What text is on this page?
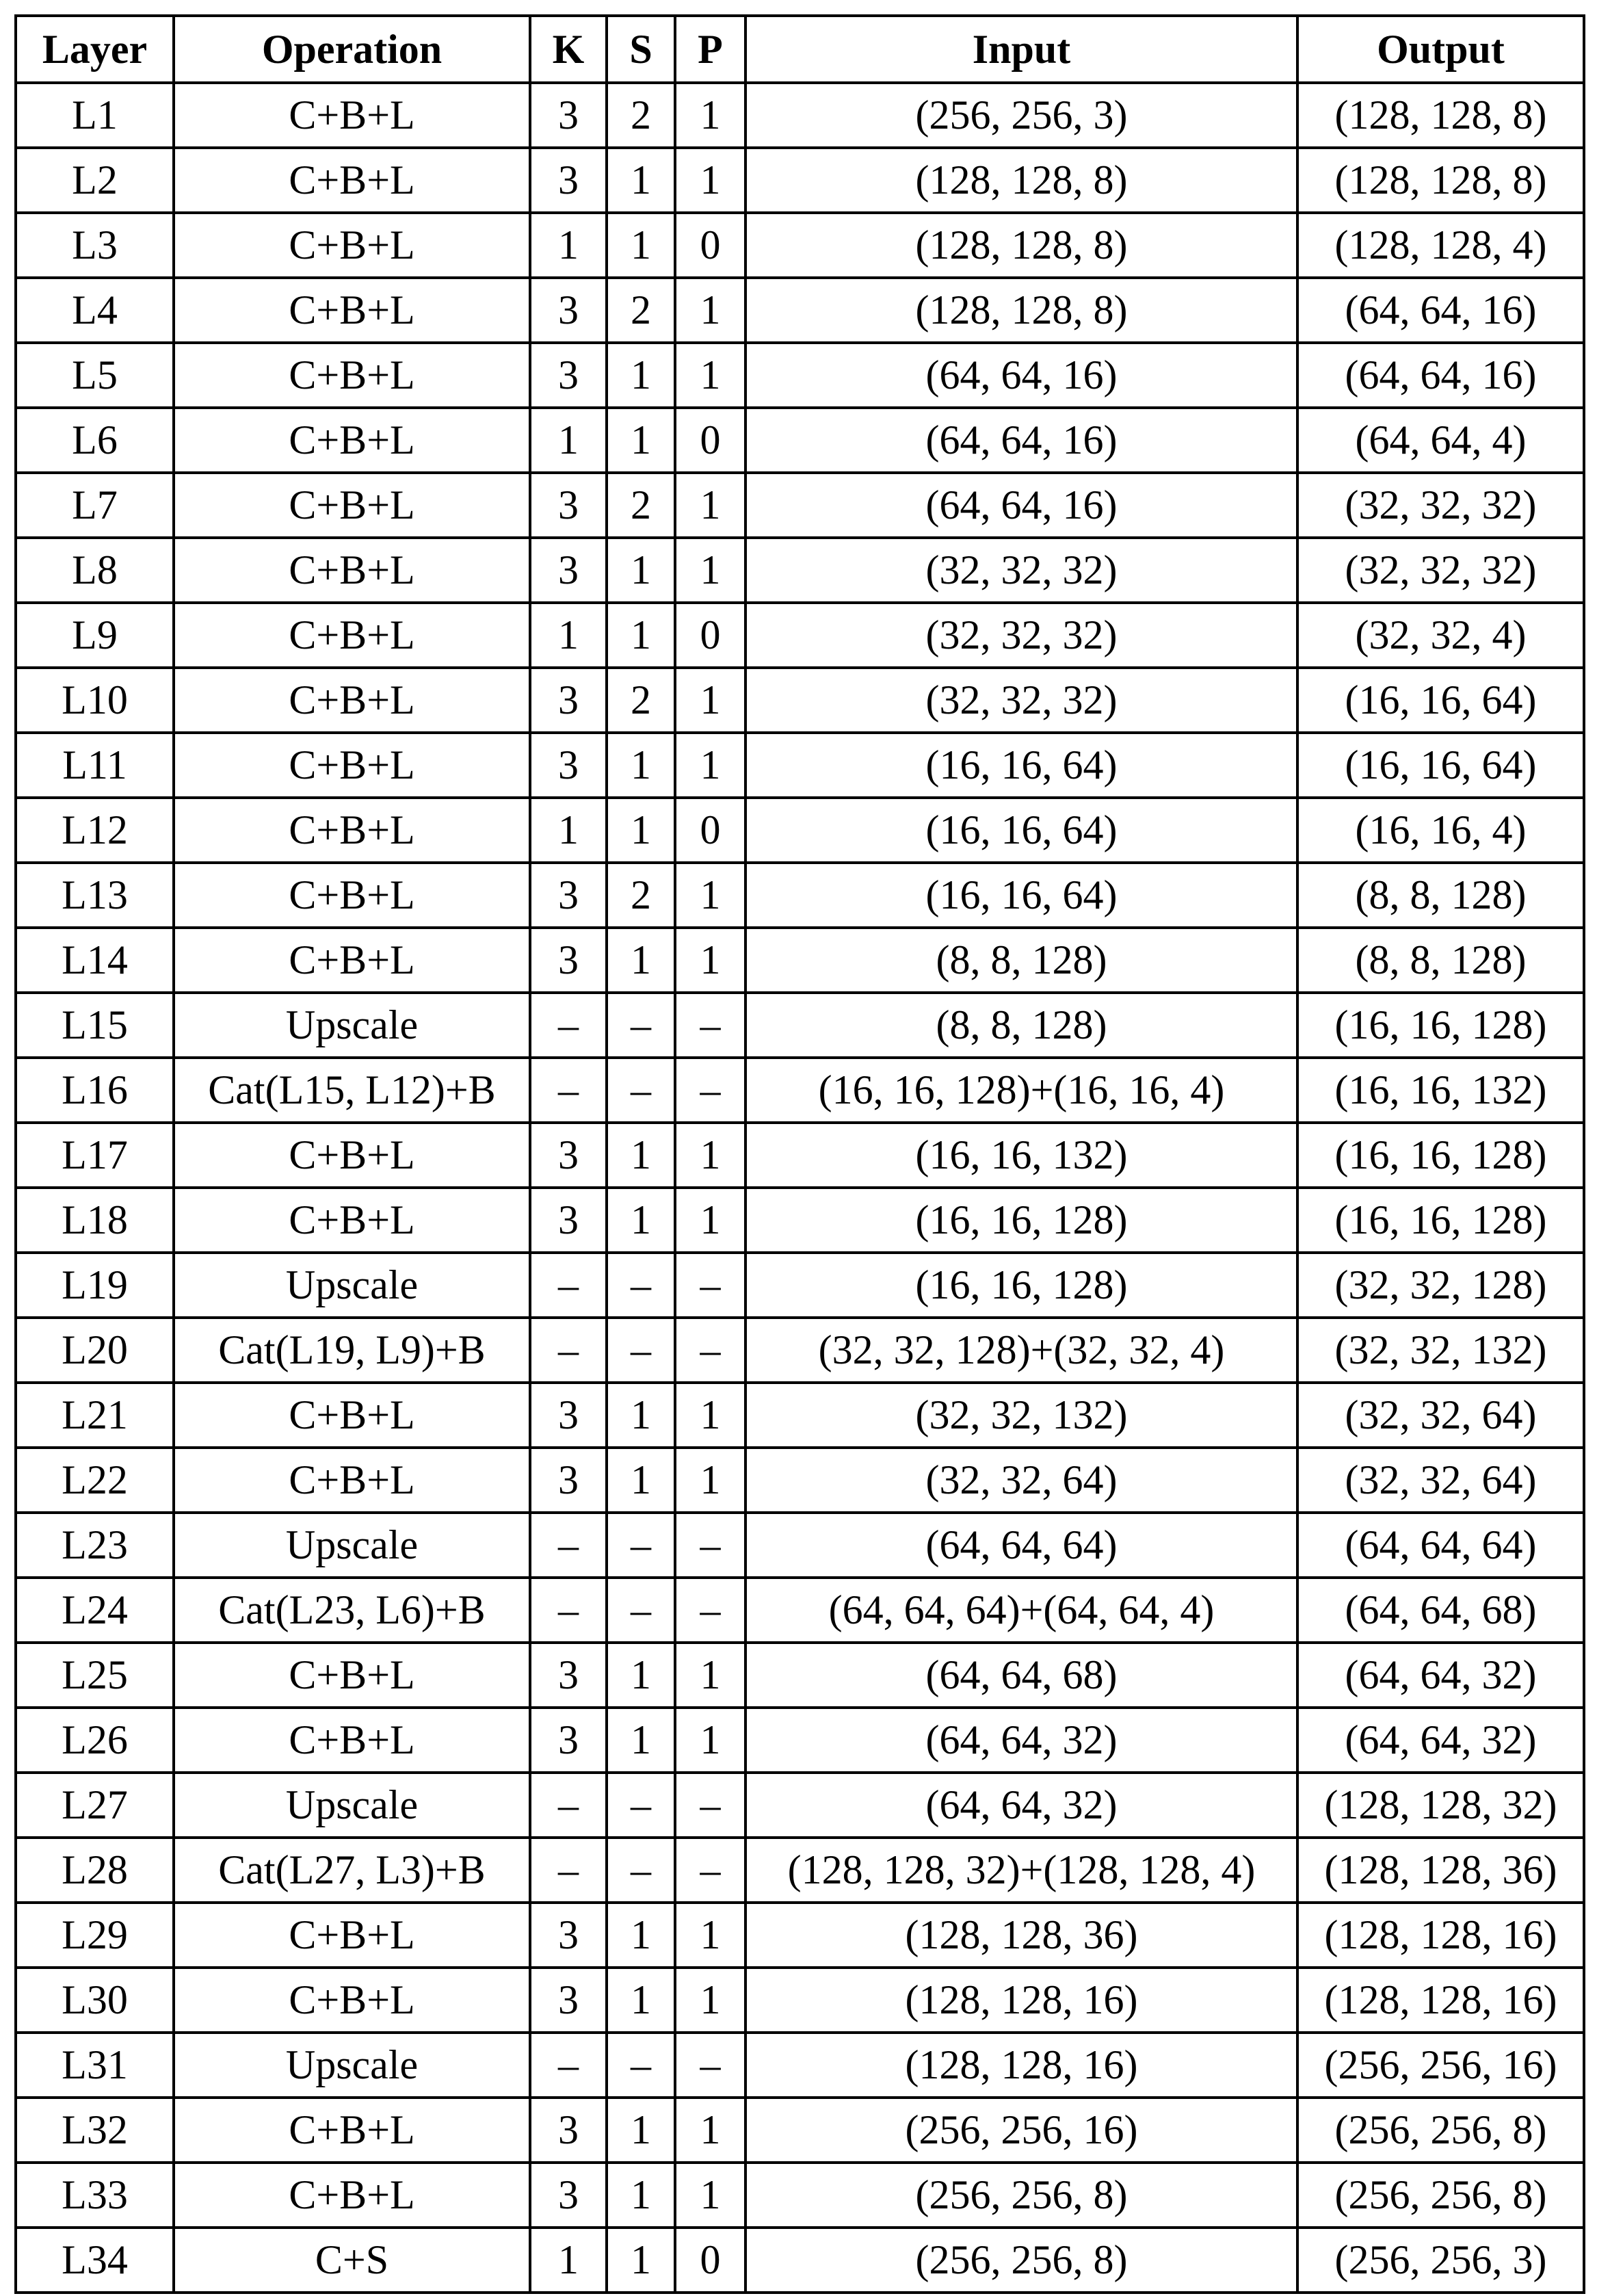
Layer	Operation	K	S	P	Input	Output
L1	C+B+L	3	2	1	(256, 256, 3)	(128, 128, 8)
L2	C+B+L	3	1	1	(128, 128, 8)	(128, 128, 8)
L3	C+B+L	1	1	0	(128, 128, 8)	(128, 128, 4)
L4	C+B+L	3	2	1	(128, 128, 8)	(64, 64, 16)
L5	C+B+L	3	1	1	(64, 64, 16)	(64, 64, 16)
L6	C+B+L	1	1	0	(64, 64, 16)	(64, 64, 4)
L7	C+B+L	3	2	1	(64, 64, 16)	(32, 32, 32)
L8	C+B+L	3	1	1	(32, 32, 32)	(32, 32, 32)
L9	C+B+L	1	1	0	(32, 32, 32)	(32, 32, 4)
L10	C+B+L	3	2	1	(32, 32, 32)	(16, 16, 64)
L11	C+B+L	3	1	1	(16, 16, 64)	(16, 16, 64)
L12	C+B+L	1	1	0	(16, 16, 64)	(16, 16, 4)
L13	C+B+L	3	2	1	(16, 16, 64)	(8, 8, 128)
L14	C+B+L	3	1	1	(8, 8, 128)	(8, 8, 128)
L15	Upscale	–	–	–	(8, 8, 128)	(16, 16, 128)
L16	Cat(L15, L12)+B	–	–	–	(16, 16, 128)+(16, 16, 4)	(16, 16, 132)
L17	C+B+L	3	1	1	(16, 16, 132)	(16, 16, 128)
L18	C+B+L	3	1	1	(16, 16, 128)	(16, 16, 128)
L19	Upscale	–	–	–	(16, 16, 128)	(32, 32, 128)
L20	Cat(L19, L9)+B	–	–	–	(32, 32, 128)+(32, 32, 4)	(32, 32, 132)
L21	C+B+L	3	1	1	(32, 32, 132)	(32, 32, 64)
L22	C+B+L	3	1	1	(32, 32, 64)	(32, 32, 64)
L23	Upscale	–	–	–	(64, 64, 64)	(64, 64, 64)
L24	Cat(L23, L6)+B	–	–	–	(64, 64, 64)+(64, 64, 4)	(64, 64, 68)
L25	C+B+L	3	1	1	(64, 64, 68)	(64, 64, 32)
L26	C+B+L	3	1	1	(64, 64, 32)	(64, 64, 32)
L27	Upscale	–	–	–	(64, 64, 32)	(128, 128, 32)
L28	Cat(L27, L3)+B	–	–	–	(128, 128, 32)+(128, 128, 4)	(128, 128, 36)
L29	C+B+L	3	1	1	(128, 128, 36)	(128, 128, 16)
L30	C+B+L	3	1	1	(128, 128, 16)	(128, 128, 16)
L31	Upscale	–	–	–	(128, 128, 16)	(256, 256, 16)
L32	C+B+L	3	1	1	(256, 256, 16)	(256, 256, 8)
L33	C+B+L	3	1	1	(256, 256, 8)	(256, 256, 8)
L34	C+S	1	1	0	(256, 256, 8)	(256, 256, 3)
